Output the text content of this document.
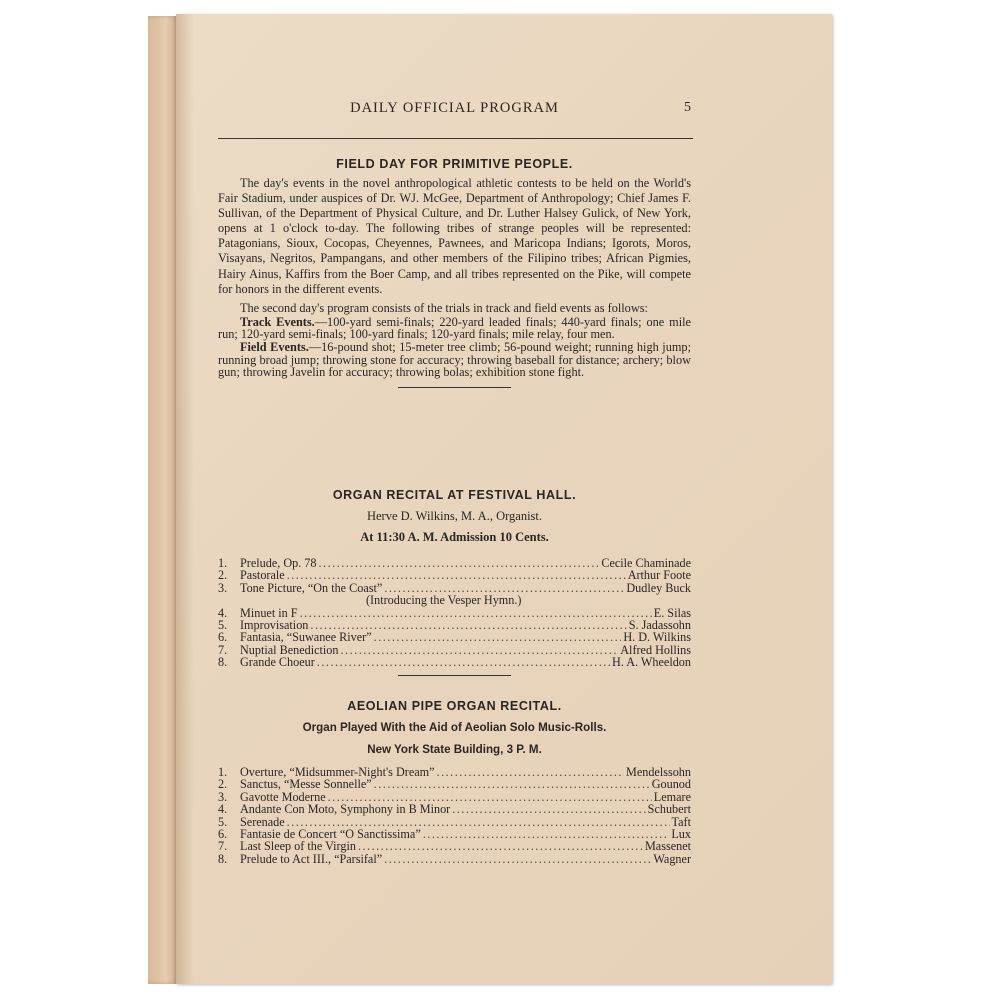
DAILY OFFICIAL PROGRAM	5
FIELD DAY FOR PRIMITIVE PEOPLE.
The day's events in the novel anthropological athletic contests to be held on the World's Fair Stadium, under auspices of Dr. WJ. McGee, Department of Anthropology; Chief James F. Sullivan, of the Department of Physical Culture, and Dr. Luther Halsey Gulick, of New York, opens at 1 o'clock to-day. The following tribes of strange peoples will be represented: Patagonians, Sioux, Cocopas, Cheyennes, Pawnees, and Maricopa Indians; Igorots, Moros, Visayans, Negritos, Pampangans, and other members of the Filipino tribes; African Pigmies, Hairy Ainus, Kaffirs from the Boer Camp, and all tribes represented on the Pike, will compete for honors in the different events.
The second day's program consists of the trials in track and field events as follows:
Track Events.—100-yard semi-finals; 220-yard leaded finals; 440-yard finals; one mile run; 120-yard semi-finals; 100-yard finals; 120-yard finals; mile relay, four men.
Field Events.—16-pound shot; 15-meter tree climb; 56-pound weight; running high jump; running broad jump; throwing stone for accuracy; throwing baseball for distance; archery; blow gun; throwing Javelin for accuracy; throwing bolas; exhibition stone fight.
ORGAN RECITAL AT FESTIVAL HALL.
Herve D. Wilkins, M. A., Organist.
At 11:30 A. M. Admission 10 Cents.
1.	Prelude, Op. 78 .....	Cecile Chaminade
2.	Pastorale .....	Arthur Foote
3.	Tone Picture, “On the Coast” .....	Dudley Buck
(Introducing the Vesper Hymn.)
4.	Minuet in F .....	E. Silas
5.	Improvisation .....	S. Jadassohn
6.	Fantasia, “Suwanee River” .....	H. D. Wilkins
7.	Nuptial Benediction .....	Alfred Hollins
8.	Grande Choeur .....	H. A. Wheeldon
AEOLIAN PIPE ORGAN RECITAL.
Organ Played With the Aid of Aeolian Solo Music-Rolls.
New York State Building, 3 P. M.
1.	Overture, “Midsummer-Night's Dream” .....	Mendelssohn
2.	Sanctus, “Messe Sonnelle” .....	Gounod
3.	Gavotte Moderne .....	Lemare
4.	Andante Con Moto, Symphony in B Minor .....	Schubert
5.	Serenade .....	Taft
6.	Fantasie de Concert “O Sanctissima” .....	Lux
7.	Last Sleep of the Virgin .....	Massenet
8.	Prelude to Act III., “Parsifal” .....	Wagner
